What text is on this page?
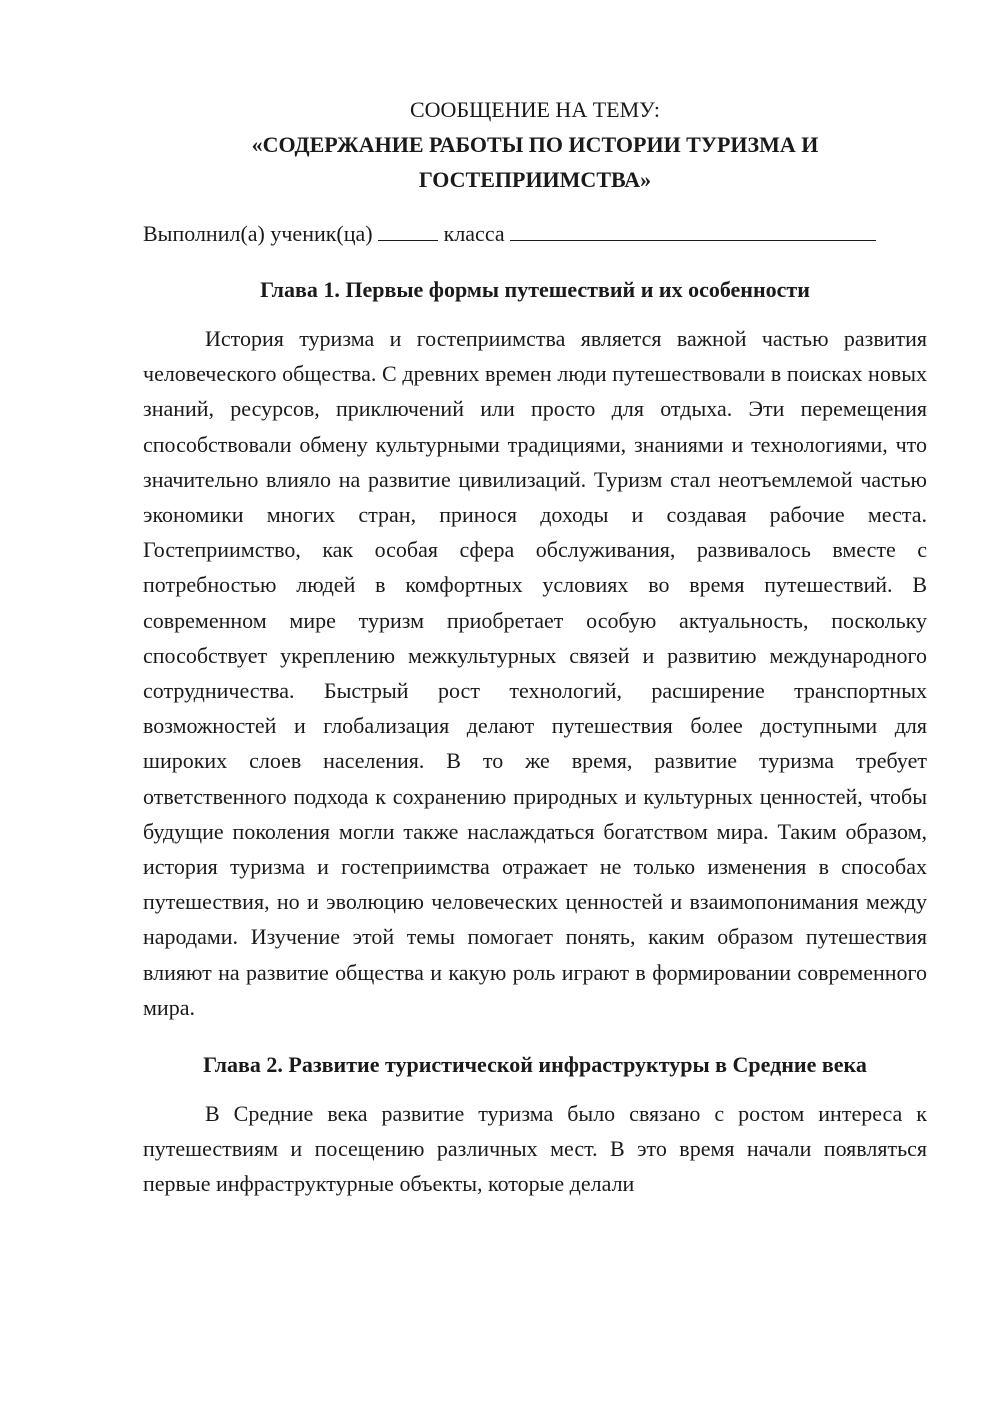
СООБЩЕНИЕ НА ТЕМУ:

«СОДЕРЖАНИЕ РАБОТЫ ПО ИСТОРИИ ТУРИЗМА И ГОСТЕПРИИМСТВА»

Выполнил(а) ученик(ца)	класса

Глава 1. Первые формы путешествий и их особенности

История туризма и гостеприимства является важной частью развития человеческого общества. С древних времен люди путешествовали в поисках новых знаний, ресурсов, приключений или просто для отдыха. Эти перемещения способствовали обмену культурными традициями, знаниями и технологиями, что значительно влияло на развитие цивилизаций. Туризм стал неотъемлемой частью экономики многих стран, принося доходы и создавая рабочие места. Гостеприимство, как особая сфера обслуживания, развивалось вместе с потребностью людей в комфортных условиях во время путешествий. В современном мире туризм приобретает особую актуальность, поскольку способствует укреплению межкультурных связей и развитию международного сотрудничества. Быстрый рост технологий, расширение транспортных возможностей и глобализация делают путешествия более доступными для широких слоев населения. В то же время, развитие туризма требует ответственного подхода к сохранению природных и культурных ценностей, чтобы будущие поколения могли также наслаждаться богатством мира. Таким образом, история туризма и гостеприимства отражает не только изменения в способах путешествия, но и эволюцию человеческих ценностей и взаимопонимания между народами. Изучение этой темы помогает понять, каким образом путешествия влияют на развитие общества и какую роль играют в формировании современного мира.

Глава 2. Развитие туристической инфраструктуры в Средние века

В Средние века развитие туризма было связано с ростом интереса к путешествиям и посещению различных мест. В это время начали появляться первые инфраструктурные объекты, которые делали
